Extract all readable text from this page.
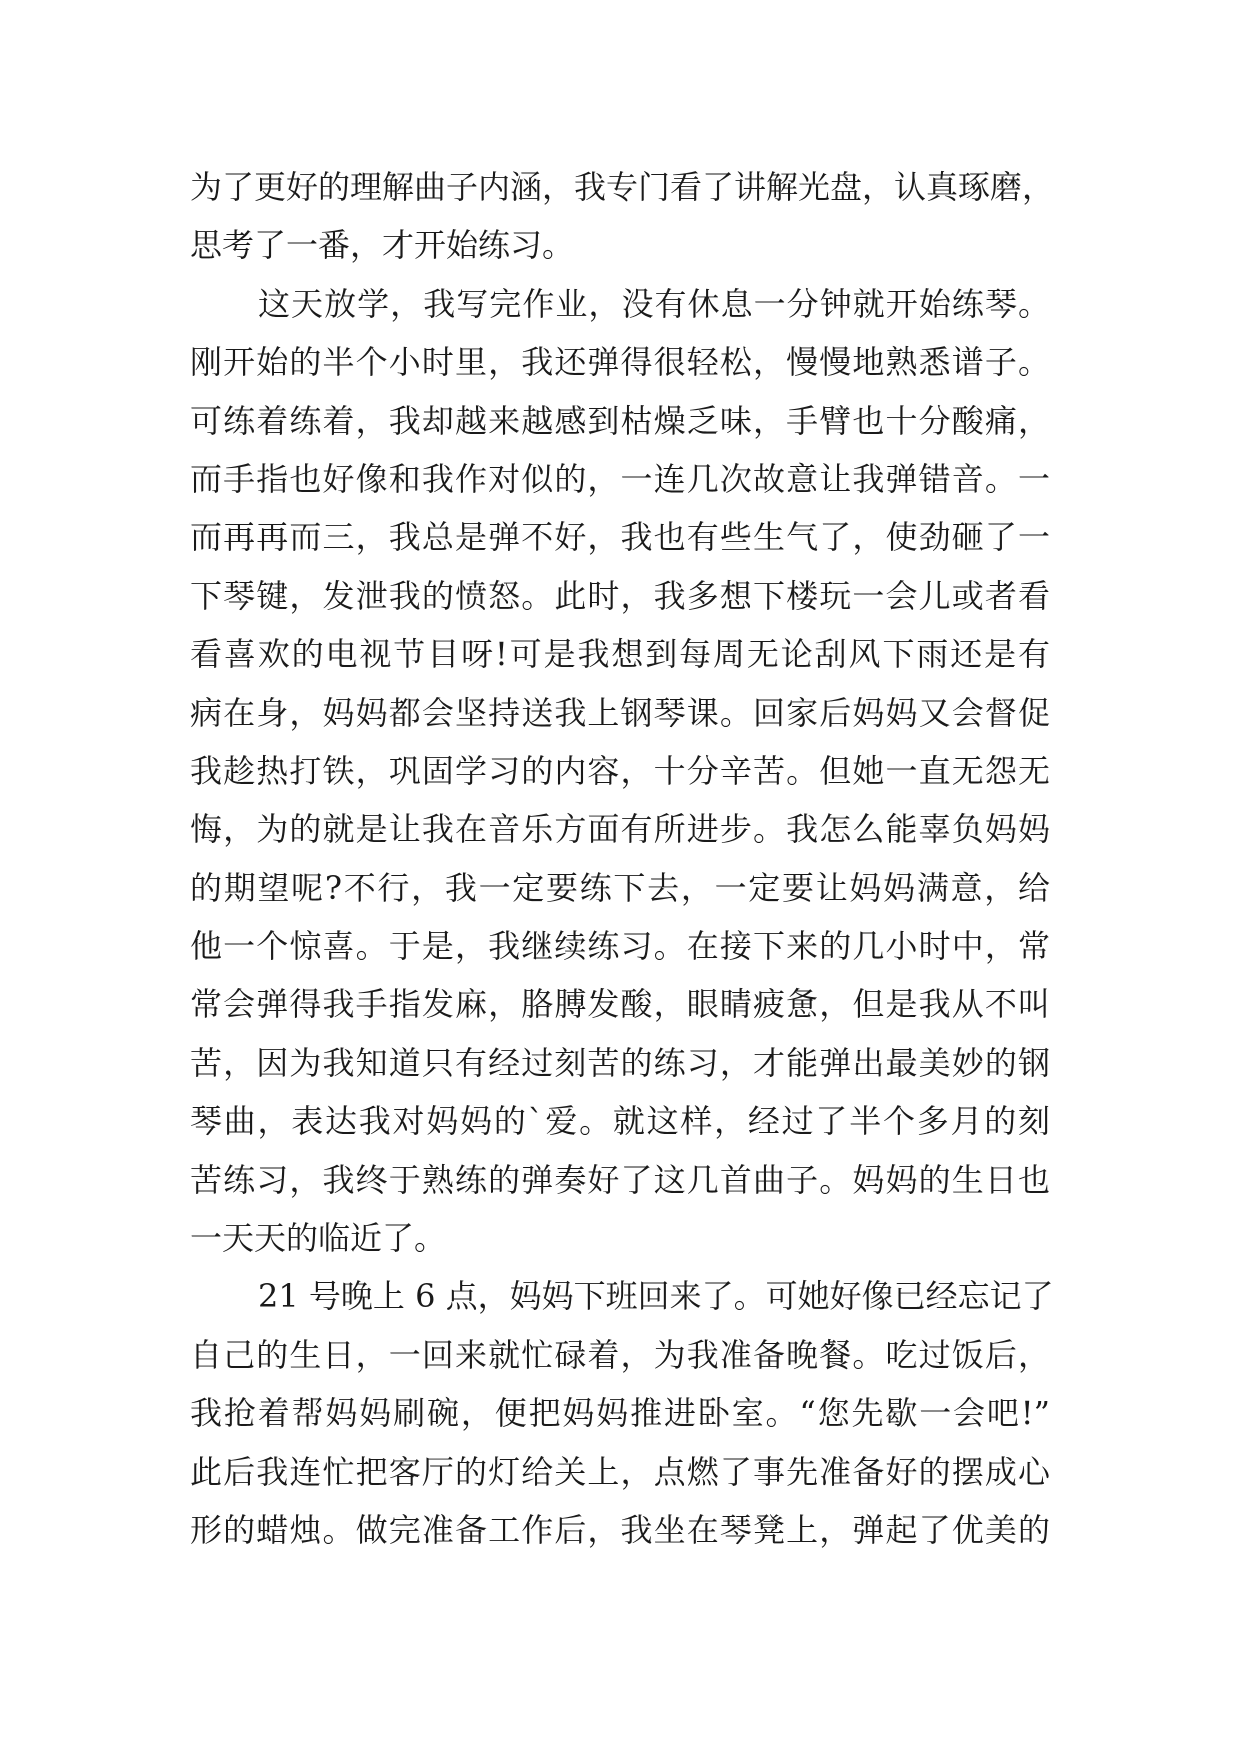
为了更好的理解曲子内涵，我专门看了讲解光盘，认真琢磨，
思考了一番，才开始练习。
这天放学，我写完作业，没有休息一分钟就开始练琴。
刚开始的半个小时里，我还弹得很轻松，慢慢地熟悉谱子。
可练着练着，我却越来越感到枯燥乏味，手臂也十分酸痛，
而手指也好像和我作对似的，一连几次故意让我弹错音。一
而再再而三，我总是弹不好，我也有些生气了，使劲砸了一
下琴键，发泄我的愤怒。此时，我多想下楼玩一会儿或者看
看喜欢的电视节目呀!可是我想到每周无论刮风下雨还是有
病在身，妈妈都会坚持送我上钢琴课。回家后妈妈又会督促
我趁热打铁，巩固学习的内容，十分辛苦。但她一直无怨无
悔，为的就是让我在音乐方面有所进步。我怎么能辜负妈妈
的期望呢?不行，我一定要练下去，一定要让妈妈满意，给
他一个惊喜。于是，我继续练习。在接下来的几小时中，常
常会弹得我手指发麻，胳膊发酸，眼睛疲惫，但是我从不叫
苦，因为我知道只有经过刻苦的练习，才能弹出最美妙的钢
琴曲，表达我对妈妈的`爱。就这样，经过了半个多月的刻
苦练习，我终于熟练的弹奏好了这几首曲子。妈妈的生日也
一天天的临近了。
21 号晚上 6 点，妈妈下班回来了。可她好像已经忘记了
自己的生日，一回来就忙碌着，为我准备晚餐。吃过饭后，
我抢着帮妈妈刷碗，便把妈妈推进卧室。“您先歇一会吧!”
此后我连忙把客厅的灯给关上，点燃了事先准备好的摆成心
形的蜡烛。做完准备工作后，我坐在琴凳上，弹起了优美的
